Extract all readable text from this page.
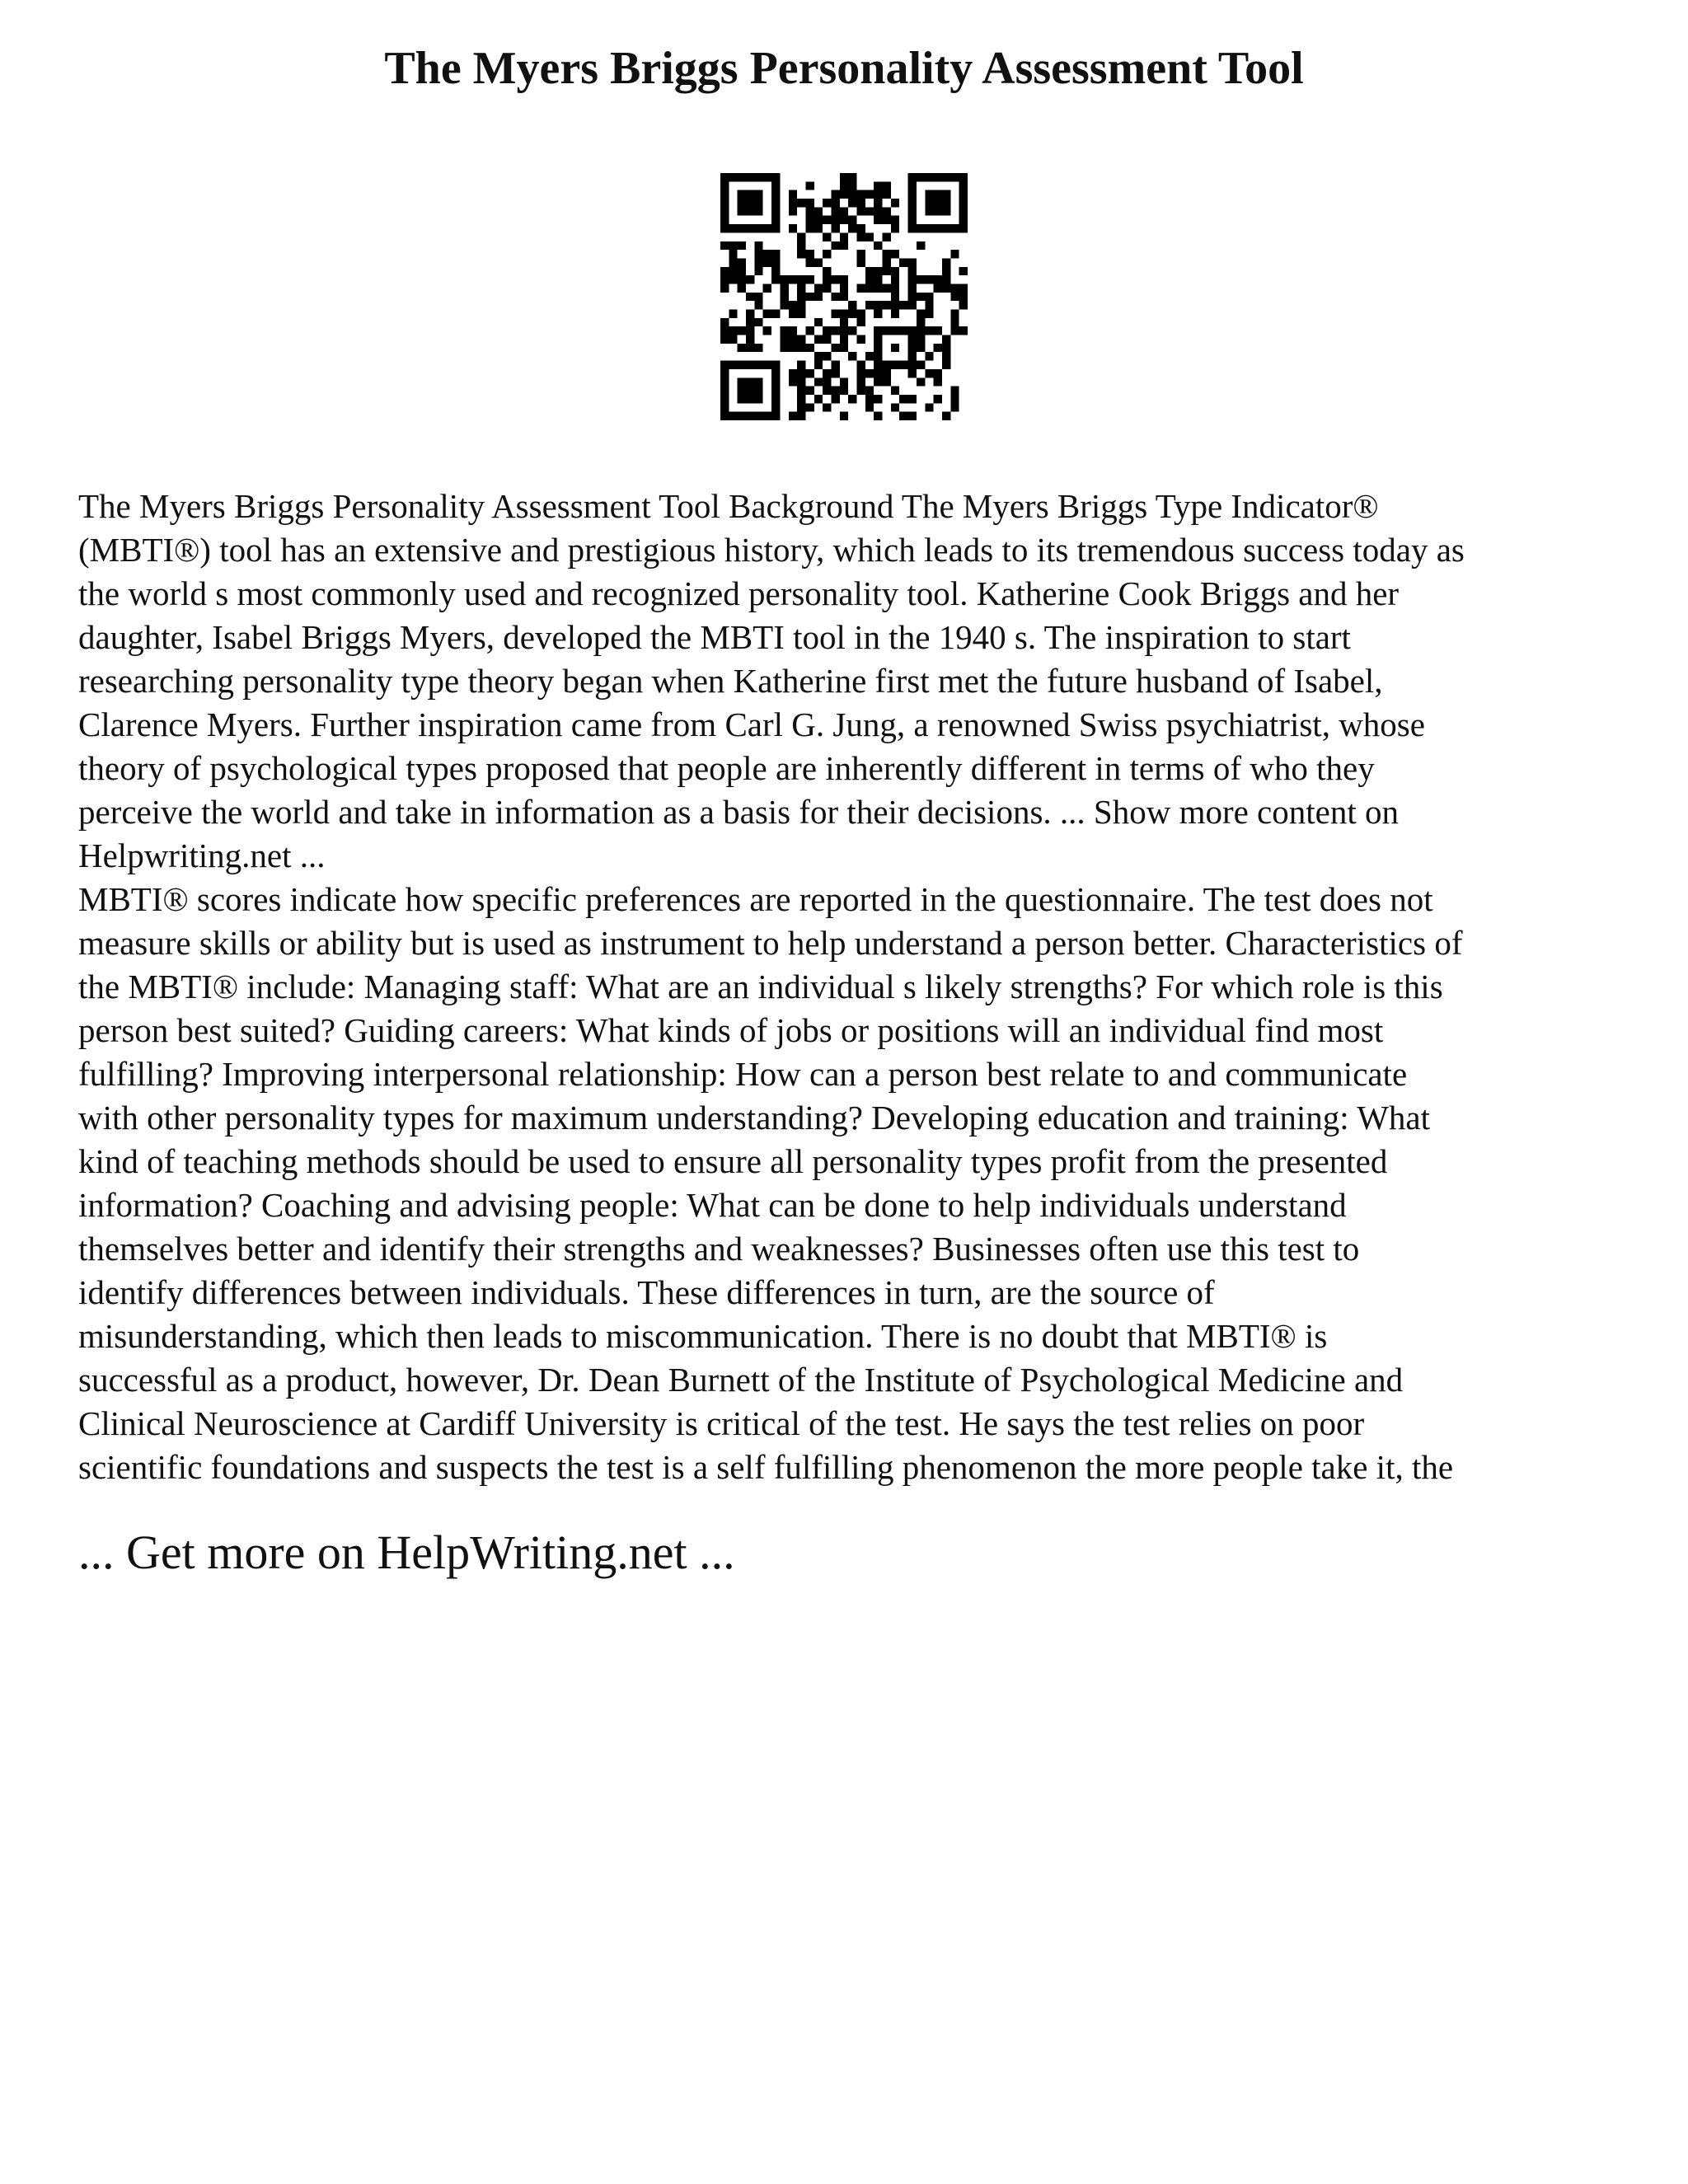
The Myers Briggs Personality Assessment Tool
The Myers Briggs Personality Assessment Tool Background The Myers Briggs Type Indicator®
(MBTI®) tool has an extensive and prestigious history, which leads to its tremendous success today as
the world s most commonly used and recognized personality tool. Katherine Cook Briggs and her
daughter, Isabel Briggs Myers, developed the MBTI tool in the 1940 s. The inspiration to start
researching personality type theory began when Katherine first met the future husband of Isabel,
Clarence Myers. Further inspiration came from Carl G. Jung, a renowned Swiss psychiatrist, whose
theory of psychological types proposed that people are inherently different in terms of who they
perceive the world and take in information as a basis for their decisions. ... Show more content on
Helpwriting.net ...
MBTI® scores indicate how specific preferences are reported in the questionnaire. The test does not
measure skills or ability but is used as instrument to help understand a person better. Characteristics of
the MBTI® include: Managing staff: What are an individual s likely strengths? For which role is this
person best suited? Guiding careers: What kinds of jobs or positions will an individual find most
fulfilling? Improving interpersonal relationship: How can a person best relate to and communicate
with other personality types for maximum understanding? Developing education and training: What
kind of teaching methods should be used to ensure all personality types profit from the presented
information? Coaching and advising people: What can be done to help individuals understand
themselves better and identify their strengths and weaknesses? Businesses often use this test to
identify differences between individuals. These differences in turn, are the source of
misunderstanding, which then leads to miscommunication. There is no doubt that MBTI® is
successful as a product, however, Dr. Dean Burnett of the Institute of Psychological Medicine and
Clinical Neuroscience at Cardiff University is critical of the test. He says the test relies on poor
scientific foundations and suspects the test is a self fulfilling phenomenon the more people take it, the

... Get more on HelpWriting.net ...
